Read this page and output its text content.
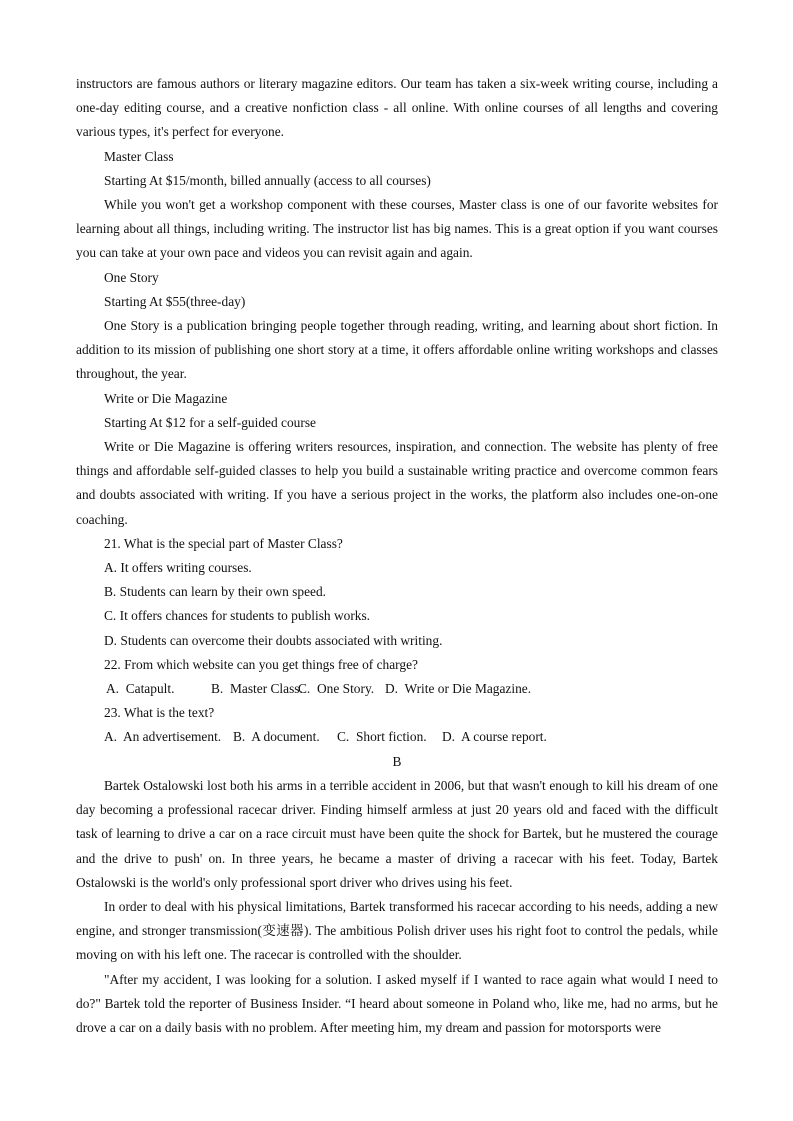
instructors are famous authors or literary magazine editors. Our team has taken a six-week writing course, including a one-day editing course, and a creative nonfiction class - all online. With online courses of all lengths and covering various types, it's perfect for everyone.

Master Class

Starting At $15/month, billed annually (access to all courses)

While you won't get a workshop component with these courses, Master class is one of our favorite websites for learning about all things, including writing. The instructor list has big names. This is a great option if you want courses you can take at your own pace and videos you can revisit again and again.

One Story

Starting At $55(three-day)

One Story is a publication bringing people together through reading, writing, and learning about short fiction. In addition to its mission of publishing one short story at a time, it offers affordable online writing workshops and classes throughout, the year.

Write or Die Magazine

Starting At $12 for a self-guided course

Write or Die Magazine is offering writers resources, inspiration, and connection. The website has plenty of free things and affordable self-guided classes to help you build a sustainable writing practice and overcome common fears and doubts associated with writing. If you have a serious project in the works, the platform also includes one-on-one coaching.

21. What is the special part of Master Class?

A. It offers writing courses.

B. Students can learn by their own speed.

C. It offers chances for students to publish works.

D. Students can overcome their doubts associated with writing.

22. From which website can you get things free of charge?

A.  Catapult.	B.  Master Class.C.  One Story. D.  Write or Die Magazine.

23. What is the text?

A.  An advertisement. B.  A document. C.  Short fiction. D.  A course report.

B

Bartek Ostalowski lost both his arms in a terrible accident in 2006, but that wasn't enough to kill his dream of one day becoming a professional racecar driver. Finding himself armless at just 20 years old and faced with the difficult task of learning to drive a car on a race circuit must have been quite the shock for Bartek, but he mustered the courage and the drive to push' on. In three years, he became a master of driving a racecar with his feet. Today, Bartek Ostalowski is the world's only professional sport driver who drives using his feet.

In order to deal with his physical limitations, Bartek transformed his racecar according to his needs, adding a new engine, and stronger transmission(变速器). The ambitious Polish driver uses his right foot to control the pedals, while moving on with his left one. The racecar is controlled with the shoulder.

"After my accident, I was looking for a solution. I asked myself if I wanted to race again what would I need to do?" Bartek told the reporter of Business Insider. “I heard about someone in Poland who, like me, had no arms, but he drove a car on a daily basis with no problem. After meeting him, my dream and passion for motorsports were
